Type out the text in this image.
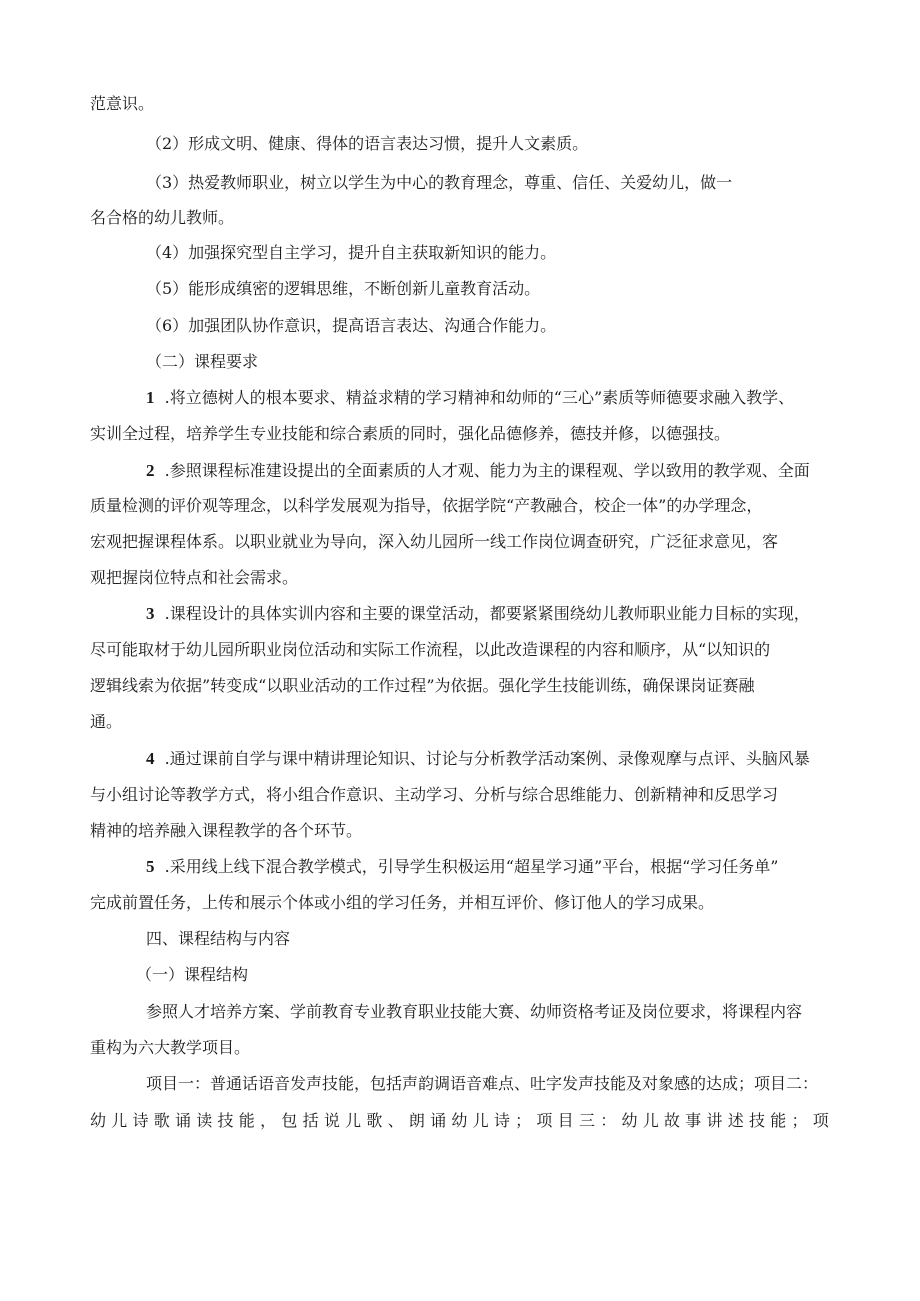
范意识。

（2）形成文明、健康、得体的语言表达习惯，提升人文素质。

（3）热爱教师职业，树立以学生为中心的教育理念，尊重、信任、关爱幼儿，做一

名合格的幼儿教师。

（4）加强探究型自主学习，提升自主获取新知识的能力。

（5）能形成缜密的逻辑思维，不断创新儿童教育活动。

（6）加强团队协作意识，提高语言表达、沟通合作能力。

（二）课程要求

1 .将立德树人的根本要求、精益求精的学习精神和幼师的“三心”素质等师德要求融入教学、

实训全过程，培养学生专业技能和综合素质的同时，强化品德修养，德技并修，以德强技。

2 .参照课程标准建设提出的全面素质的人才观、能力为主的课程观、学以致用的教学观、全面

质量检测的评价观等理念，以科学发展观为指导，依据学院“产教融合，校企一体”的办学理念，

宏观把握课程体系。以职业就业为导向，深入幼儿园所一线工作岗位调查研究，广泛征求意见，客

观把握岗位特点和社会需求。

3 .课程设计的具体实训内容和主要的课堂活动，都要紧紧围绕幼儿教师职业能力目标的实现，

尽可能取材于幼儿园所职业岗位活动和实际工作流程，以此改造课程的内容和顺序，从“以知识的

逻辑线索为依据”转变成“以职业活动的工作过程”为依据。强化学生技能训练，确保课岗证赛融

通。

4 .通过课前自学与课中精讲理论知识、讨论与分析教学活动案例、录像观摩与点评、头脑风暴

与小组讨论等教学方式，将小组合作意识、主动学习、分析与综合思维能力、创新精神和反思学习

精神的培养融入课程教学的各个环节。

5 .采用线上线下混合教学模式，引导学生积极运用“超星学习通”平台，根据“学习任务单”

完成前置任务，上传和展示个体或小组的学习任务，并相互评价、修订他人的学习成果。

四、课程结构与内容

（一）课程结构

参照人才培养方案、学前教育专业教育职业技能大赛、幼师资格考证及岗位要求，将课程内容

重构为六大教学项目。

项目一：普通话语音发声技能，包括声韵调语音难点、吐字发声技能及对象感的达成；项目二：

幼儿诗歌诵读技能，包括说儿歌、朗诵幼儿诗；项目三：幼儿故事讲述技能；项
